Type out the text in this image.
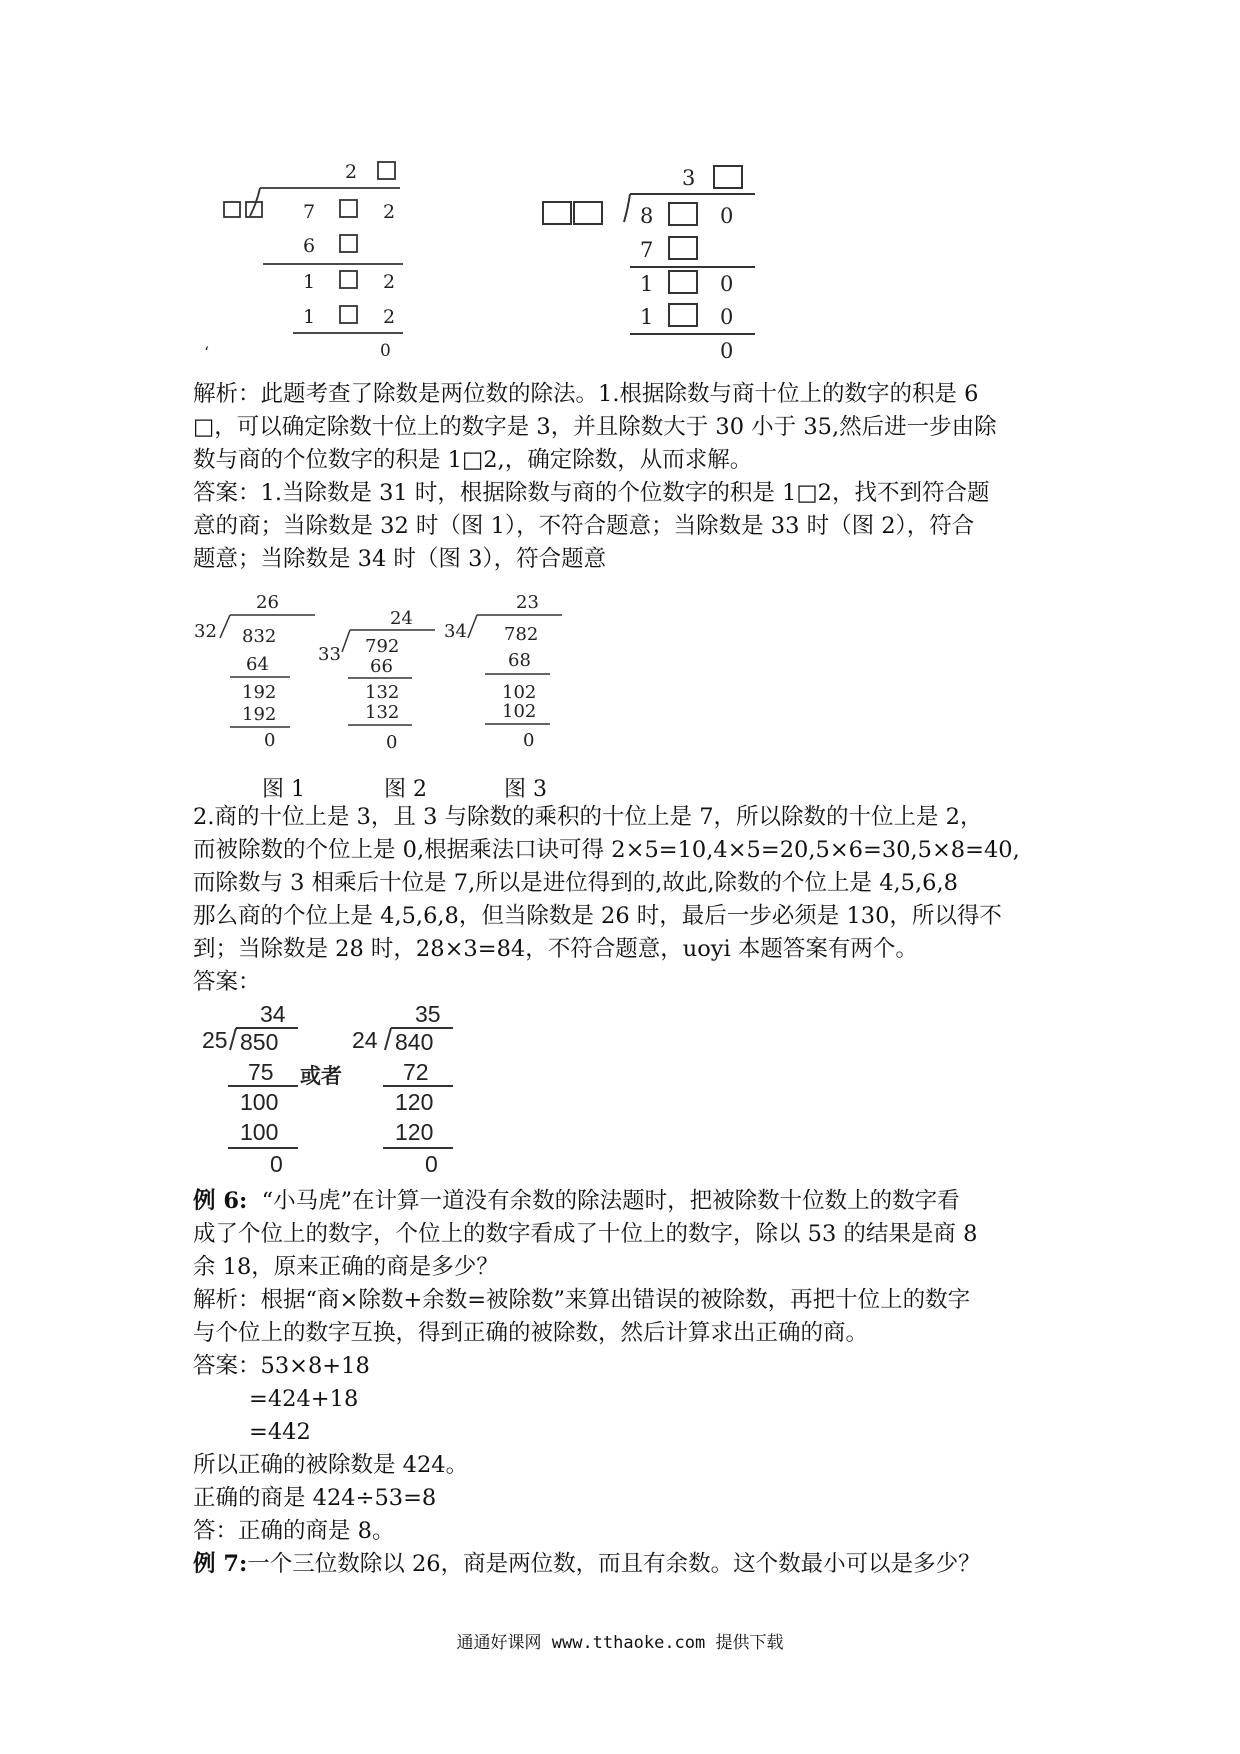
2
7	2
6
1	2
1	2
0
ʻ
3
8	0
7
1	0
1	0
0

解析：此题考查了除数是两位数的除法。1.根据除数与商十位上的数字的积是 6

□，可以确定除数十位上的数字是 3，并且除数大于 30 小于 35,然后进一步由除

数与商的个位数字的积是 1□2,，确定除数，从而求解。

答案：1.当除数是 31 时，根据除数与商的个位数字的积是 1□2，找不到符合题

意的商；当除数是 32 时（图 1），不符合题意；当除数是 33 时（图 2），符合

题意；当除数是 34 时（图 3），符合题意

26
32 832
64
192
192
0
24
33 792
66
132
132
0
23
34 782
68
102
102
0
图 1	图 2	图 3

2.商的十位上是 3，且 3 与除数的乘积的十位上是 7，所以除数的十位上是 2，

而被除数的个位上是 0,根据乘法口诀可得 2×5=10,4×5=20,5×6=30,5×8=40,

而除数与 3 相乘后十位是 7,所以是进位得到的,故此,除数的个位上是 4,5,6,8

那么商的个位上是 4,5,6,8，但当除数是 26 时，最后一步必须是 130，所以得不

到；当除数是 28 时，28×3=84，不符合题意，uoyi 本题答案有两个。

答案：

34
25 850
75
100
100
0
或者
35
24 840
72
120
120
0

例 6: “小马虎”在计算一道没有余数的除法题时，把被除数十位数上的数字看

成了个位上的数字，个位上的数字看成了十位上的数字，除以 53 的结果是商 8

余 18，原来正确的商是多少？

解析：根据“商×除数+余数=被除数”来算出错误的被除数，再把十位上的数字

与个位上的数字互换，得到正确的被除数，然后计算求出正确的商。

答案：53×8+18

=424+18

=442

所以正确的被除数是 424。

正确的商是 424÷53=8

答：正确的商是 8。

例 7:一个三位数除以 26，商是两位数，而且有余数。这个数最小可以是多少？

通通好课网 www.tthaoke.com 提供下载
